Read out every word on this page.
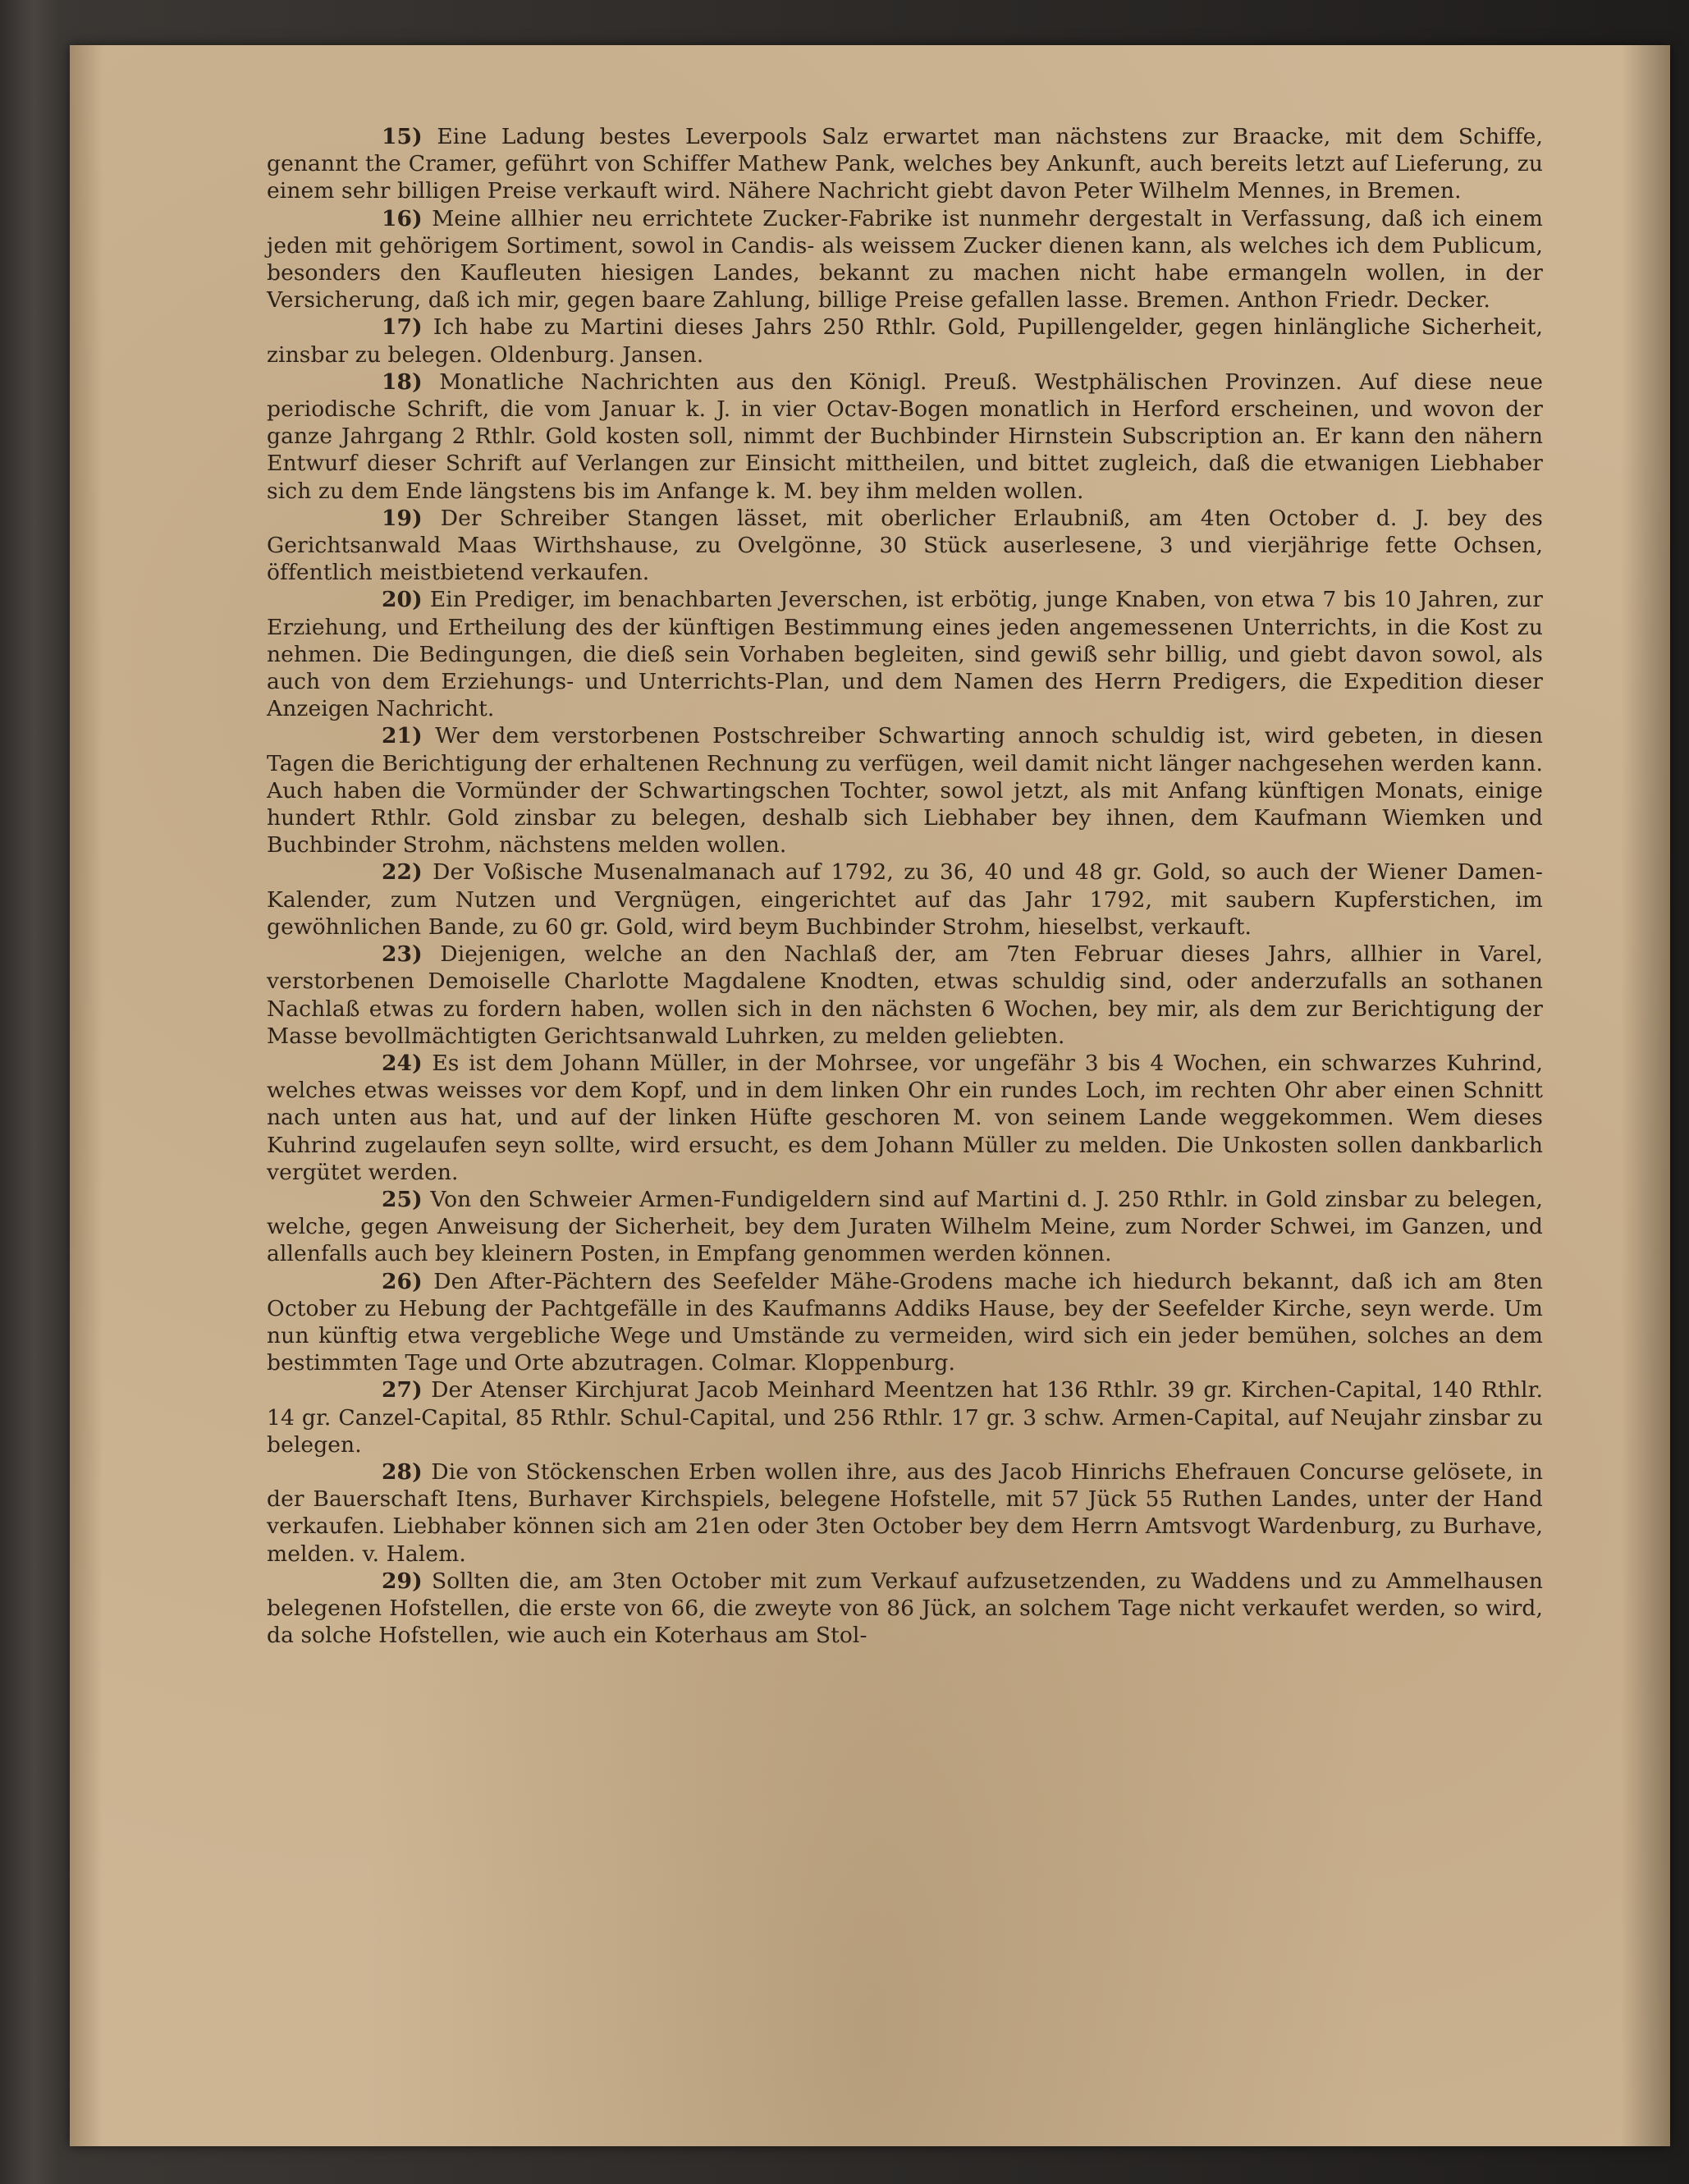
15) Eine Ladung bestes Leverpools Salz erwartet man nächstens zur Braacke, mit dem Schiffe, genannt the Cramer, geführt von Schiffer Mathew Pank, welches bey Ankunft, auch bereits letzt auf Lieferung, zu einem sehr billigen Preise verkauft wird. Nähere Nachricht giebt davon Peter Wilhelm Mennes, in Bremen.

16) Meine allhier neu errichtete Zucker-Fabrike ist nunmehr dergestalt in Verfassung, daß ich einem jeden mit gehörigem Sortiment, sowol in Candis- als weissem Zucker dienen kann, als welches ich dem Publicum, besonders den Kaufleuten hiesigen Landes, bekannt zu machen nicht habe ermangeln wollen, in der Versicherung, daß ich mir, gegen baare Zahlung, billige Preise gefallen lasse. Bremen. Anthon Friedr. Decker.

17) Ich habe zu Martini dieses Jahrs 250 Rthlr. Gold, Pupillengelder, gegen hinlängliche Sicherheit, zinsbar zu belegen. Oldenburg. Jansen.

18) Monatliche Nachrichten aus den Königl. Preuß. Westphälischen Provinzen. Auf diese neue periodische Schrift, die vom Januar k. J. in vier Octav-Bogen monatlich in Herford erscheinen, und wovon der ganze Jahrgang 2 Rthlr. Gold kosten soll, nimmt der Buchbinder Hirnstein Subscription an. Er kann den nähern Entwurf dieser Schrift auf Verlangen zur Einsicht mittheilen, und bittet zugleich, daß die etwanigen Liebhaber sich zu dem Ende längstens bis im Anfange k. M. bey ihm melden wollen.

19) Der Schreiber Stangen lässet, mit oberlicher Erlaubniß, am 4ten October d. J. bey des Gerichtsanwald Maas Wirthshause, zu Ovelgönne, 30 Stück auserlesene, 3 und vierjährige fette Ochsen, öffentlich meistbietend verkaufen.

20) Ein Prediger, im benachbarten Jeverschen, ist erbötig, junge Knaben, von etwa 7 bis 10 Jahren, zur Erziehung, und Ertheilung des der künftigen Bestimmung eines jeden angemessenen Unterrichts, in die Kost zu nehmen. Die Bedingungen, die dieß sein Vorhaben begleiten, sind gewiß sehr billig, und giebt davon sowol, als auch von dem Erziehungs- und Unterrichts-Plan, und dem Namen des Herrn Predigers, die Expedition dieser Anzeigen Nachricht.

21) Wer dem verstorbenen Postschreiber Schwarting annoch schuldig ist, wird gebeten, in diesen Tagen die Berichtigung der erhaltenen Rechnung zu verfügen, weil damit nicht länger nachgesehen werden kann. Auch haben die Vormünder der Schwartingschen Tochter, sowol jetzt, als mit Anfang künftigen Monats, einige hundert Rthlr. Gold zinsbar zu belegen, deshalb sich Liebhaber bey ihnen, dem Kaufmann Wiemken und Buchbinder Strohm, nächstens melden wollen.

22) Der Voßische Musenalmanach auf 1792, zu 36, 40 und 48 gr. Gold, so auch der Wiener Damen-Kalender, zum Nutzen und Vergnügen, eingerichtet auf das Jahr 1792, mit saubern Kupferstichen, im gewöhnlichen Bande, zu 60 gr. Gold, wird beym Buchbinder Strohm, hieselbst, verkauft.

23) Diejenigen, welche an den Nachlaß der, am 7ten Februar dieses Jahrs, allhier in Varel, verstorbenen Demoiselle Charlotte Magdalene Knodten, etwas schuldig sind, oder anderzufalls an sothanen Nachlaß etwas zu fordern haben, wollen sich in den nächsten 6 Wochen, bey mir, als dem zur Berichtigung der Masse bevollmächtigten Gerichtsanwald Luhrken, zu melden geliebten.

24) Es ist dem Johann Müller, in der Mohrsee, vor ungefähr 3 bis 4 Wochen, ein schwarzes Kuhrind, welches etwas weisses vor dem Kopf, und in dem linken Ohr ein rundes Loch, im rechten Ohr aber einen Schnitt nach unten aus hat, und auf der linken Hüfte geschoren M. von seinem Lande weggekommen. Wem dieses Kuhrind zugelaufen seyn sollte, wird ersucht, es dem Johann Müller zu melden. Die Unkosten sollen dankbarlich vergütet werden.

25) Von den Schweier Armen-Fundigeldern sind auf Martini d. J. 250 Rthlr. in Gold zinsbar zu belegen, welche, gegen Anweisung der Sicherheit, bey dem Juraten Wilhelm Meine, zum Norder Schwei, im Ganzen, und allenfalls auch bey kleinern Posten, in Empfang genommen werden können.

26) Den After-Pächtern des Seefelder Mähe-Grodens mache ich hiedurch bekannt, daß ich am 8ten October zu Hebung der Pachtgefälle in des Kaufmanns Addiks Hause, bey der Seefelder Kirche, seyn werde. Um nun künftig etwa vergebliche Wege und Umstände zu vermeiden, wird sich ein jeder bemühen, solches an dem bestimmten Tage und Orte abzutragen. Colmar. Kloppenburg.

27) Der Atenser Kirchjurat Jacob Meinhard Meentzen hat 136 Rthlr. 39 gr. Kirchen-Capital, 140 Rthlr. 14 gr. Canzel-Capital, 85 Rthlr. Schul-Capital, und 256 Rthlr. 17 gr. 3 schw. Armen-Capital, auf Neujahr zinsbar zu belegen.

28) Die von Stöckenschen Erben wollen ihre, aus des Jacob Hinrichs Ehefrauen Concurse gelösete, in der Bauerschaft Itens, Burhaver Kirchspiels, belegene Hofstelle, mit 57 Jück 55 Ruthen Landes, unter der Hand verkaufen. Liebhaber können sich am 21en oder 3ten October bey dem Herrn Amtsvogt Wardenburg, zu Burhave, melden. v. Halem.

29) Sollten die, am 3ten October mit zum Verkauf aufzusetzenden, zu Waddens und zu Ammelhausen belegenen Hofstellen, die erste von 66, die zweyte von 86 Jück, an solchem Tage nicht verkaufet werden, so wird, da solche Hofstellen, wie auch ein Koterhaus am Stol-
